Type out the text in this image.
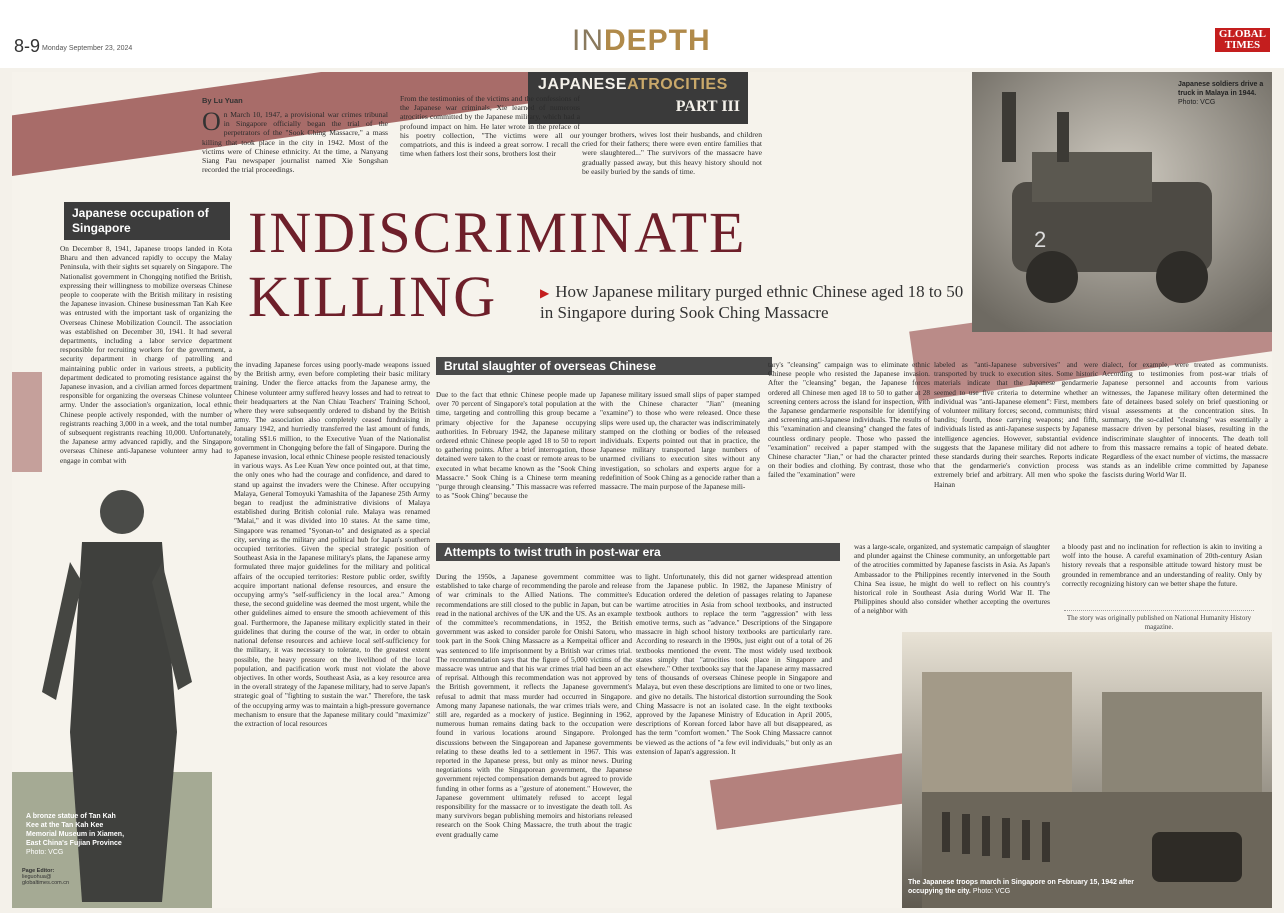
8-9 Monday September 23, 2024	INDEPTH	GLOBAL
TIMES
2
Japanese soldiers drive a truck in Malaya in 1944. Photo: VCG
JAPANESEATROCITIES
PART III
By Lu Yuan
On March 10, 1947, a provisional war crimes tribunal in Singapore officially began the trial of the perpetrators of the "Sook Ching Massacre," a mass killing that took place in the city in 1942. Most of the victims were of Chinese ethnicity. At the time, a Nanyang Siang Pau newspaper journalist named Xie Songshan recorded the trial proceedings.
From the testimonies of the victims and the confessions of the Japanese war criminals, Xie learned of numerous atrocities committed by the Japanese military, which had a profound impact on him. He later wrote in the preface of his poetry collection, "The victims were all our compatriots, and this is indeed a great sorrow. I recall the time when fathers lost their sons, brothers lost their
younger brothers, wives lost their husbands, and children cried for their fathers; there were even entire families that were slaughtered..." The survivors of the massacre have gradually passed away, but this heavy history should not be easily buried by the sands of time.
INDISCRIMINATE
KILLING	▶ How Japanese military purged ethnic Chinese aged 18 to 50 in Singapore during Sook Ching Massacre
Japanese occupation of Singapore
A bronze statue of Tan Kah Kee at the Tan Kah Kee Memorial Museum in Xiamen, East China's Fujian Province Photo: VCG
On December 8, 1941, Japanese troops landed in Kota Bharu and then advanced rapidly to occupy the Malay Peninsula, with their sights set squarely on Singapore. The Nationalist government in Chongqing notified the British, expressing their willingness to mobilize overseas Chinese people to cooperate with the British military in resisting the Japanese invasion. Chinese businessman Tan Kah Kee was entrusted with the important task of organizing the Overseas Chinese Mobilization Council. The association was established on December 30, 1941. It had several departments, including a labor service department responsible for recruiting workers for the government, a security department in charge of patrolling and maintaining public order in various streets, a publicity department dedicated to promoting resistance against the Japanese invasion, and a civilian armed forces department responsible for organizing the overseas Chinese volunteer army. Under the association's organization, local ethnic Chinese people actively responded, with the number of registrants reaching 3,000 in a week, and the total number of subsequent registrants reaching 10,000. Unfortunately, the Japanese army advanced rapidly, and the Singapore overseas Chinese anti-Japanese volunteer army had to engage in combat with
the invading Japanese forces using poorly-made weapons issued by the British army, even before completing their basic military training. Under the fierce attacks from the Japanese army, the Chinese volunteer army suffered heavy losses and had to retreat to their headquarters at the Nan Chiau Teachers' Training School, where they were subsequently ordered to disband by the British army. The association also completely ceased fundraising in January 1942, and hurriedly transferred the last amount of funds, totaling S$1.6 million, to the Executive Yuan of the Nationalist government in Chongqing before the fall of Singapore. During the Japanese invasion, local ethnic Chinese people resisted tenaciously in various ways. As Lee Kuan Yew once pointed out, at that time, the only ones who had the courage and confidence, and dared to stand up against the invaders were the Chinese. After occupying Malaya, General Tomoyuki Yamashita of the Japanese 25th Army began to readjust the administrative divisions of Malaya established during British colonial rule. Malaya was renamed "Malai," and it was divided into 10 states. At the same time, Singapore was renamed "Syonan-to" and designated as a special city, serving as the military and political hub for Japan's southern occupied territories. Given the special strategic position of Southeast Asia in the Japanese military's plans, the Japanese army formulated three major guidelines for the military and political affairs of the occupied territories: Restore public order, swiftly acquire important national defense resources, and ensure the occupying army's "self-sufficiency in the local area." Among these, the second guideline was deemed the most urgent, while the other guidelines aimed to ensure the smooth achievement of this goal. Furthermore, the Japanese military explicitly stated in their guidelines that during the course of the war, in order to obtain national defense resources and achieve local self-sufficiency for the military, it was necessary to tolerate, to the greatest extent possible, the heavy pressure on the livelihood of the local population, and pacification work must not violate the above objectives. In other words, Southeast Asia, as a key resource area in the overall strategy of the Japanese military, had to serve Japan's strategic goal of "fighting to sustain the war." Therefore, the task of the occupying army was to maintain a high-pressure governance mechanism to ensure that the Japanese military could "maximize" the extraction of local resources
Brutal slaughter of overseas Chinese
Due to the fact that ethnic Chinese people made up over 70 percent of Singapore's total population at the time, targeting and controlling this group became a primary objective for the Japanese occupying authorities. In February 1942, the Japanese military ordered ethnic Chinese people aged 18 to 50 to report to gathering points. After a brief interrogation, those detained were taken to the coast or remote areas to be executed in what became known as the "Sook Ching Massacre." Sook Ching is a Chinese term meaning "purge through cleansing." This massacre was referred to as "Sook Ching" because the
Japanese military issued small slips of paper stamped with the Chinese character "Jian" (meaning "examine") to those who were released. Once these slips were used up, the character was indiscriminately stamped on the clothing or bodies of the released individuals. Experts pointed out that in practice, the Japanese military transported large numbers of unarmed civilians to execution sites without any investigation, so scholars and experts argue for a redefinition of Sook Ching as a genocide rather than a massacre. The main purpose of the Japanese mili-
tary's "cleansing" campaign was to eliminate ethnic Chinese people who resisted the Japanese invasion. After the "cleansing" began, the Japanese forces ordered all Chinese men aged 18 to 50 to gather at 28 screening centers across the island for inspection, with the Japanese gendarmerie responsible for identifying and screening anti-Japanese individuals. The results of this "examination and cleansing" changed the fates of countless ordinary people. Those who passed the "examination" received a paper stamped with the Chinese character "Jian," or had the character printed on their bodies and clothing. By contrast, those who failed the "examination" were
labeled as "anti-Japanese subversives" and were transported by truck to execution sites. Some historic materials indicate that the Japanese gendarmerie seemed to use five criteria to determine whether an individual was "anti-Japanese element": First, members of volunteer military forces; second, communists; third bandits; fourth, those carrying weapons; and fifth, individuals listed as anti-Japanese suspects by Japanese intelligence agencies. However, substantial evidence suggests that the Japanese military did not adhere to these standards during their searches. Reports indicate that the gendarmerie's conviction process was extremely brief and arbitrary. All men who spoke the Hainan
dialect, for example, were treated as communists. According to testimonies from post-war trials of Japanese personnel and accounts from various witnesses, the Japanese military often determined the fate of detainees based solely on brief questioning or visual assessments at the concentration sites. In summary, the so-called "cleansing" was essentially a massacre driven by personal biases, resulting in the indiscriminate slaughter of innocents. The death toll from this massacre remains a topic of heated debate. Regardless of the exact number of victims, the massacre stands as an indelible crime committed by Japanese fascists during World War II.
Attempts to twist truth in post-war era
During the 1950s, a Japanese government committee was established to take charge of recommending the parole and release of war criminals to the Allied Nations. The committee's recommendations are still closed to the public in Japan, but can be read in the national archives of the UK and the US. As an example of the committee's recommendations, in 1952, the British government was asked to consider parole for Onishi Satoru, who took part in the Sook Ching Massacre as a Kempeitai officer and was sentenced to life imprisonment by a British war crimes trial. The recommendation says that the figure of 5,000 victims of the massacre was untrue and that his war crimes trial had been an act of reprisal. Although this recommendation was not approved by the British government, it reflects the Japanese government's refusal to admit that mass murder had occurred in Singapore. Among many Japanese nationals, the war crimes trials were, and still are, regarded as a mockery of justice. Beginning in 1962, numerous human remains dating back to the occupation were found in various locations around Singapore. Prolonged discussions between the Singaporean and Japanese governments relating to these deaths led to a settlement in 1967. This was reported in the Japanese press, but only as minor news. During negotiations with the Singaporean government, the Japanese government rejected compensation demands but agreed to provide funding in other forms as a "gesture of atonement." However, the Japanese government ultimately refused to accept legal responsibility for the massacre or to investigate the death toll. As many survivors began publishing memoirs and historians released research on the Sook Ching Massacre, the truth about the tragic event gradually came
to light. Unfortunately, this did not garner widespread attention from the Japanese public. In 1982, the Japanese Ministry of Education ordered the deletion of passages relating to Japanese wartime atrocities in Asia from school textbooks, and instructed textbook authors to replace the term "aggression" with less emotive terms, such as "advance." Descriptions of the Singapore massacre in high school history textbooks are particularly rare. According to research in the 1990s, just eight out of a total of 26 textbooks mentioned the event. The most widely used textbook states simply that "atrocities took place in Singapore and elsewhere." Other textbooks say that the Japanese army massacred tens of thousands of overseas Chinese people in Singapore and Malaya, but even these descriptions are limited to one or two lines, and give no details. The historical distortion surrounding the Sook Ching Massacre is not an isolated case. In the eight textbooks approved by the Japanese Ministry of Education in April 2005, descriptions of Korean forced labor have all but disappeared, as has the term "comfort women." The Sook Ching Massacre cannot be viewed as the actions of "a few evil individuals," but only as an extension of Japan's aggression. It
was a large-scale, organized, and systematic campaign of slaughter and plunder against the Chinese community, an unforgettable part of the atrocities committed by Japanese fascists in Asia. As Japan's Ambassador to the Philippines recently intervened in the South China Sea issue, he might do well to reflect on his country's historical role in Southeast Asia during World War II. The Philippines should also consider whether accepting the overtures of a neighbor with
a bloody past and no inclination for reflection is akin to inviting a wolf into the house. A careful examination of 20th-century Asian history reveals that a responsible attitude toward history must be grounded in remembrance and an understanding of reality. Only by correctly recognizing history can we better shape the future.
The story was originally published on National Humanity History magazine.
The Japanese troops march in Singapore on February 15, 1942 after occupying the city. Photo: VCG
Page Editor:
lieguohua@
globaltimes.com.cn
